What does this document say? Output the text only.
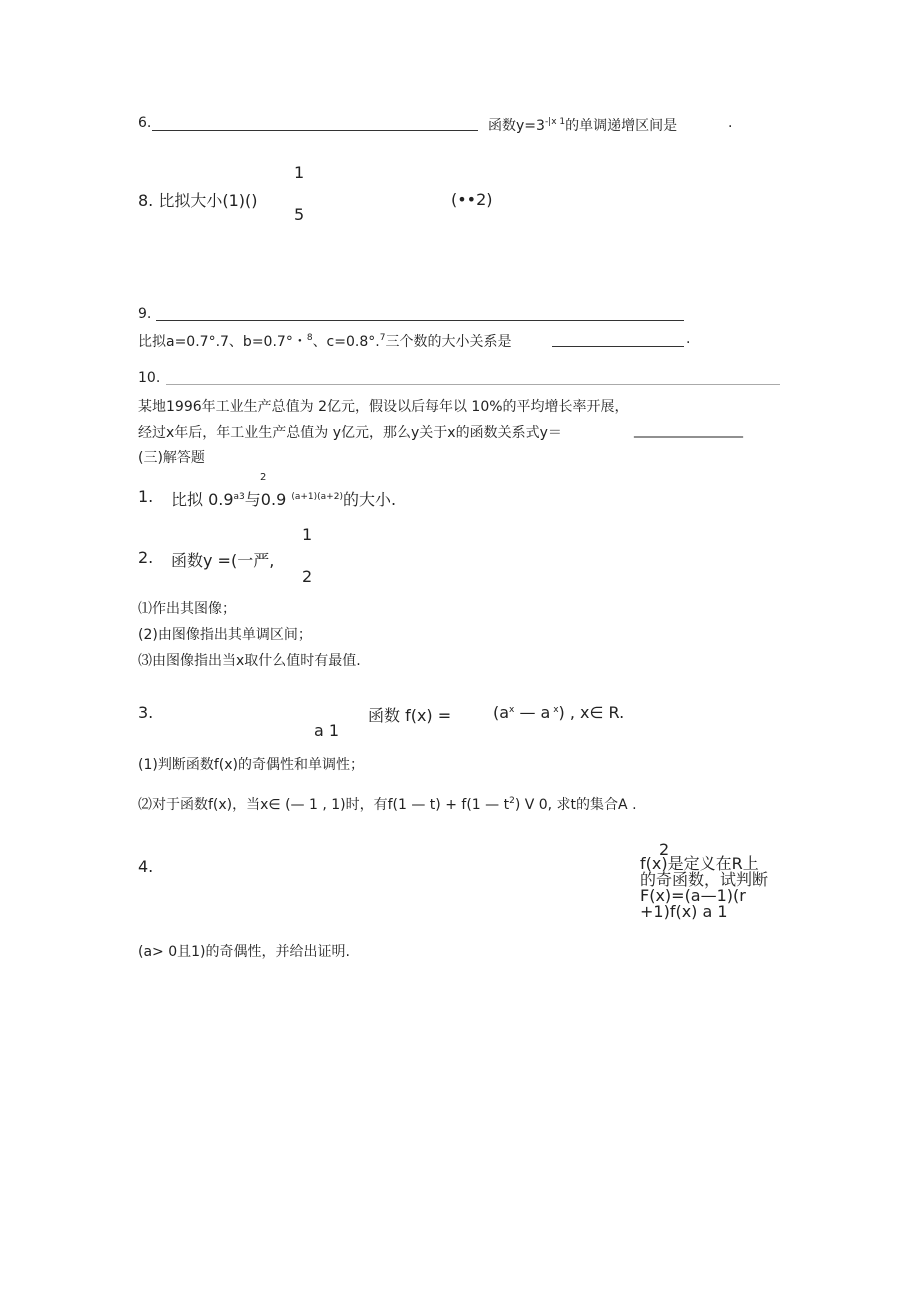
6.	函数$y=3^{-|x 1}$的单调递增区间是	.
1
8. 比拟大小(1)()
5
(••2)
9.
比拟a=0.7°.7、b=0.7°・$^8$、c=0.8°.$^7$三个数的大小关系是	.
10.
某地1996年工业生产总值为 2亿元，假设以后每年以 10%的平均增长率开展，
经过x年后，年工业生产总值为 y亿元，那么y关于x的函数关系式y＝	________________
(三)解答题
2
1. 比拟 $0.9^{a3}$与0.9 $^{(a+1)(a+2)}$的大小.
1
2. 函数y =(一严,
2
⑴作出其图像；
(2)由图像指出其单调区间；
⑶由图像指出当x取什么值时有最值.
3.	函数 f(x) =	($a^x$ — a $^x$) , x∈ R.
a 1
(1)判断函数f(x)的奇偶性和单调性；
⑵对于函数f(x)，当x∈ (— 1 , 1)时，有f(1 — t) + f(1 — $t^2$) V 0, 求t的集合A .
4.
2
f(x)是定义在R上
的奇函数，试判断
F(x)=(a—1)(r
+1)f(x) a 1
(a> 0且1)的奇偶性，并给出证明.
